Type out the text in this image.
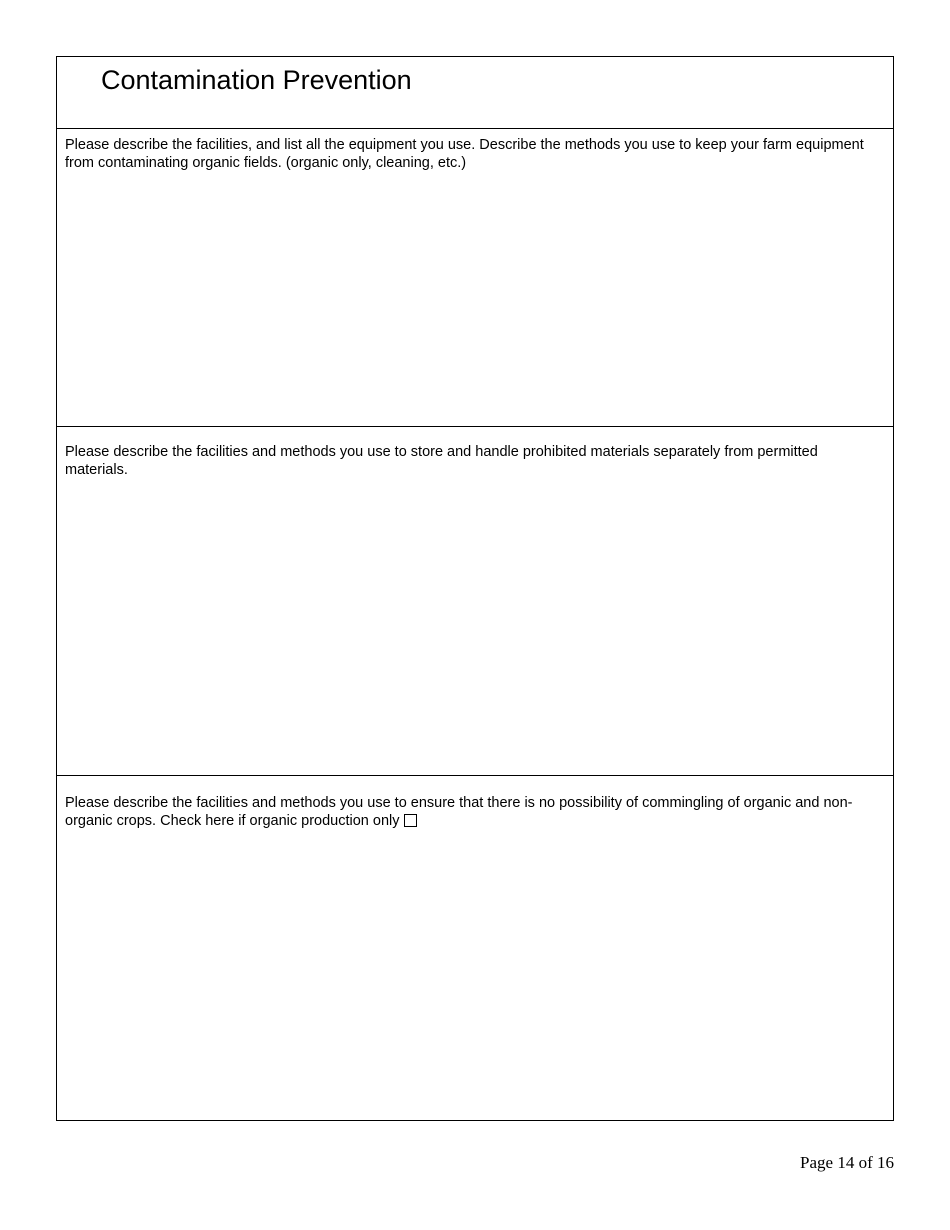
Contamination Prevention

Please describe the facilities, and list all the equipment you use. Describe the methods you use to keep your farm equipment from contaminating organic fields. (organic only, cleaning, etc.)

Please describe the facilities and methods you use to store and handle prohibited materials separately from permitted materials.

Please describe the facilities and methods you use to ensure that there is no possibility of commingling of organic and non-organic crops. Check here if organic production only

Page 14 of 16
